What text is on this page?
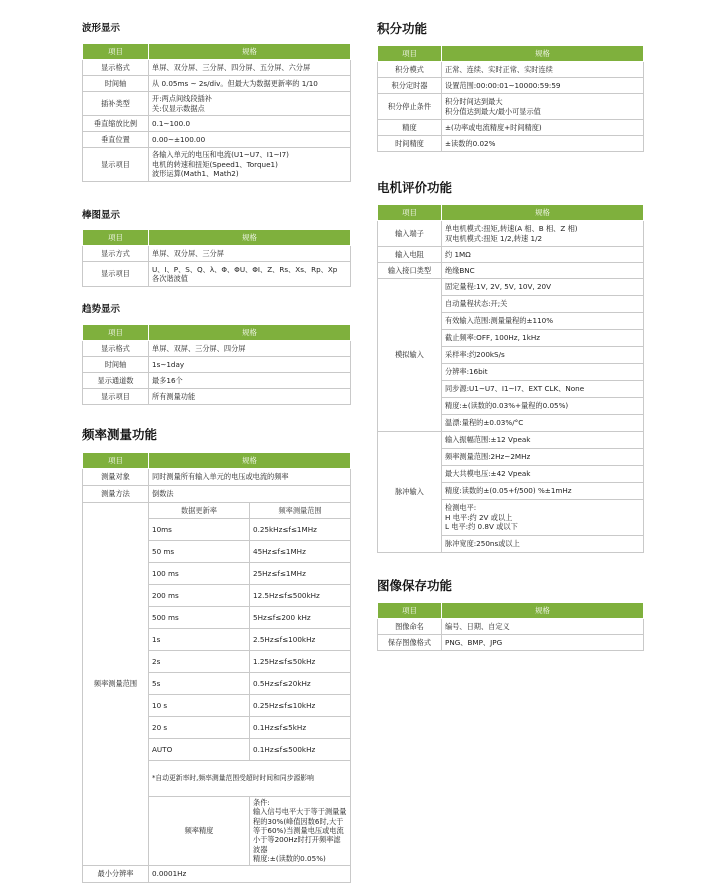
波形显示
项目	规格
显示格式	单屏、双分屏、三分屏、四分屏、五分屏、六分屏
时间轴	从 0.05ms ~ 2s/div。但最大为数据更新率的 1/10
插补类型	开:两点间线段插补
关:仅显示数据点
垂直缩放比例	0.1~100.0
垂直位置	0.00~±100.00
显示项目	各输入单元的电压和电流(U1~U7、I1~I7)
电机的转速和扭矩(Speed1、Torque1)
波形运算(Math1、Math2)
棒图显示
项目	规格
显示方式	单屏、双分屏、三分屏
显示项目	U、I、P、S、Q、λ、Φ、ΦU、ΦI、Z、Rs、Xs、Rp、Xp
各次谐波值
趋势显示
项目	规格
显示格式	单屏、双屏、三分屏、四分屏
时间轴	1s~1day
显示通道数	最多16个
显示项目	所有测量功能
频率测量功能
项目	规格	
测量对象	同时测量所有输入单元的电压或电流的频率	
测量方法	倒数法	
频率测量范围	数据更新率	频率测量范围
	10ms	0.25kHz≤f≤1MHz
	50 ms	45Hz≤f≤1MHz
	100 ms	25Hz≤f≤1MHz
	200 ms	12.5Hz≤f≤500kHz
	500 ms	5Hz≤f≤200 kHz
	1s	2.5Hz≤f≤100kHz
	2s	1.25Hz≤f≤50kHz
	5s	0.5Hz≤f≤20kHz
	10 s	0.25Hz≤f≤10kHz
	20 s	0.1Hz≤f≤5kHz
	AUTO	0.1Hz≤f≤500kHz
	*自动更新率时,频率测量范围受超时时间和同步源影响	
	频率精度	条件:
输入信号电平大于等于测量量程的30%(峰值因数6时,大于等于60%)当测量电压或电流小于等200Hz时打开频率滤波器
精度:±(读数的0.05%)
最小分辨率	0.0001Hz	
积分功能
项目	规格
积分模式	正常、连续、实时正常、实时连续
积分定时器	设置范围:00:00:01~10000:59:59
积分停止条件	积分时间达到最大
积分值达到最大/最小可显示值
精度	±(功率或电流精度+时间精度)
时间精度	±读数的0.02%
电机评价功能
项目	规格
输入端子	单电机模式:扭矩,转速(A 相、B 相、Z 相)
双电机模式:扭矩 1/2,转速 1/2
输入电阻	约 1MΩ
输入接口类型	绝缘BNC
模拟输入	固定量程:1V, 2V, 5V, 10V, 20V
	自动量程状态:开;关
	有效输入范围:测量量程的±110%
	截止频率:OFF, 100Hz, 1kHz
	采样率:约200kS/s
	分辨率:16bit
	同步源:U1~U7、I1~I7、EXT CLK、None
	精度:±(读数的0.03%+量程的0.05%)
	温漂:量程的±0.03%/°C
脉冲输入	输入振幅范围:±12 Vpeak
	频率测量范围:2Hz~2MHz
	最大共模电压:±42 Vpeak
	精度:读数的±(0.05+f/500) %±1mHz
	检测电平:
H 电平:约 2V 或以上
L 电平:约 0.8V 或以下
	脉冲宽度:250ns或以上
图像保存功能
项目	规格
图像命名	编号、日期、自定义
保存图像格式	PNG、BMP、JPG
